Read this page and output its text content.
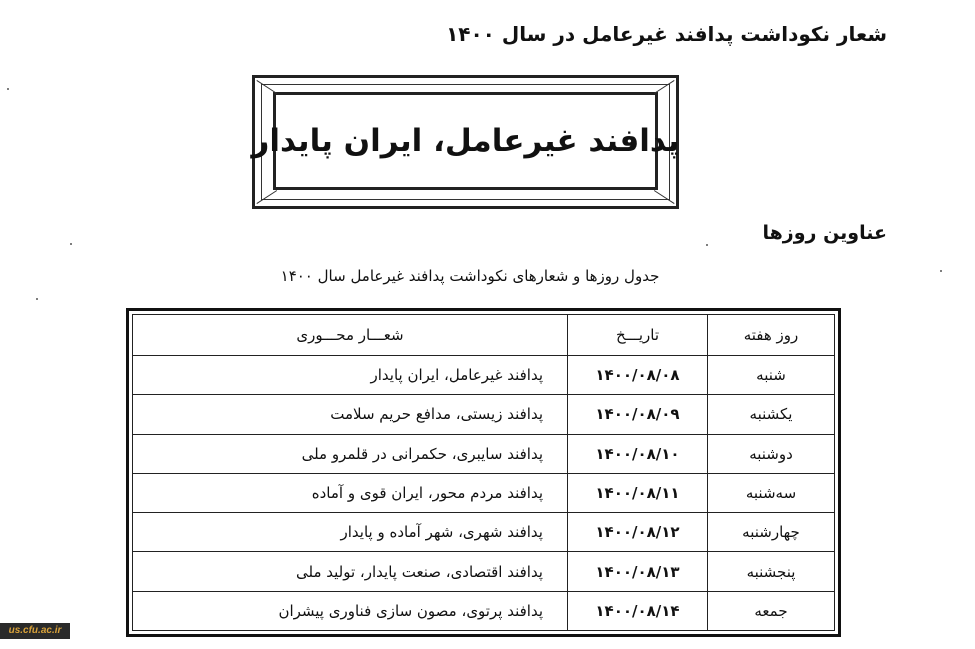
شعار نکوداشت پدافند غیرعامل در سال ۱۴۰۰
پدافند غیرعامل، ایران پایدار
عناوین روزها
جدول روزها و شعارهای نکوداشت پدافند غیرعامل سال ۱۴۰۰
روز هفته	تاریـــخ	شعـــار محـــوری
شنبه	۱۴۰۰/۰۸/۰۸	پدافند غیرعامل، ایران پایدار
یکشنبه	۱۴۰۰/۰۸/۰۹	پدافند زیستی، مدافع حریم سلامت
دوشنبه	۱۴۰۰/۰۸/۱۰	پدافند سایبری، حکمرانی در قلمرو ملی
سه‌شنبه	۱۴۰۰/۰۸/۱۱	پدافند مردم محور، ایران قوی و آماده
چهارشنبه	۱۴۰۰/۰۸/۱۲	پدافند شهری، شهر آماده و پایدار
پنجشنبه	۱۴۰۰/۰۸/۱۳	پدافند اقتصادی، صنعت پایدار، تولید ملی
جمعه	۱۴۰۰/۰۸/۱۴	پدافند پرتوی، مصون سازی فناوری پیشران
us.cfu.ac.ir
